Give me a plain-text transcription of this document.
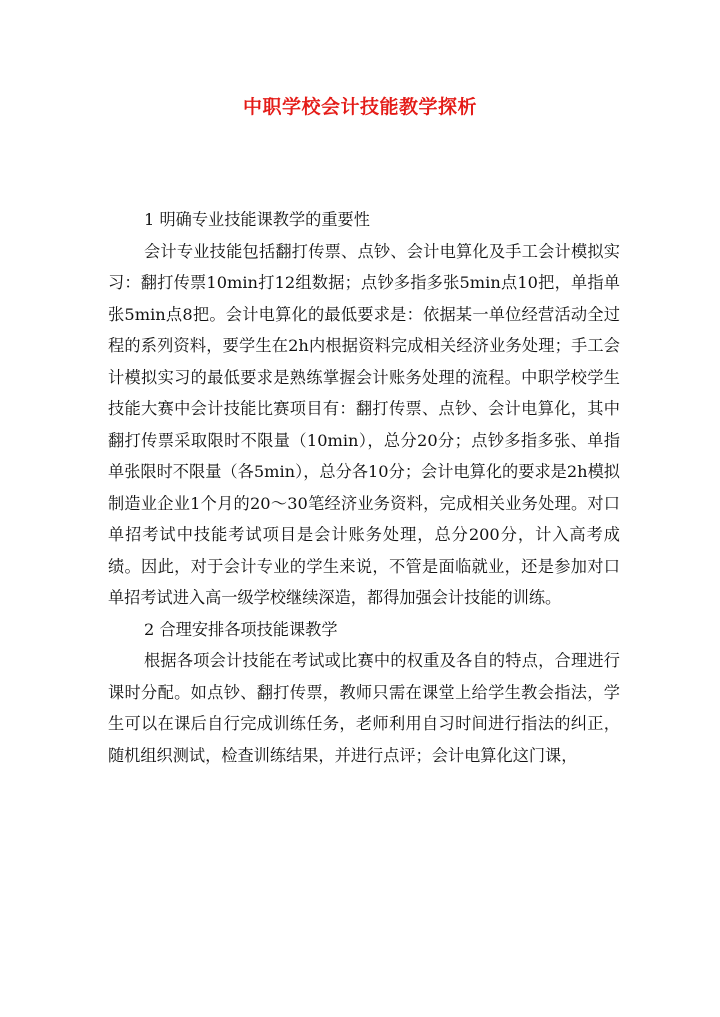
中职学校会计技能教学探析

1 明确专业技能课教学的重要性

会计专业技能包括翻打传票、点钞、会计电算化及手工会计模拟实习：翻打传票10min打12组数据；点钞多指多张5min点10把，单指单张5min点8把。会计电算化的最低要求是：依据某一单位经营活动全过程的系列资料，要学生在2h内根据资料完成相关经济业务处理；手工会计模拟实习的最低要求是熟练掌握会计账务处理的流程。中职学校学生技能大赛中会计技能比赛项目有：翻打传票、点钞、会计电算化，其中翻打传票采取限时不限量（10min），总分20分；点钞多指多张、单指单张限时不限量（各5min），总分各10分；会计电算化的要求是2h模拟制造业企业1个月的20～30笔经济业务资料，完成相关业务处理。对口单招考试中技能考试项目是会计账务处理，总分200分，计入高考成绩。因此，对于会计专业的学生来说，不管是面临就业，还是参加对口单招考试进入高一级学校继续深造，都得加强会计技能的训练。

2 合理安排各项技能课教学

根据各项会计技能在考试或比赛中的权重及各自的特点，合理进行课时分配。如点钞、翻打传票，教师只需在课堂上给学生教会指法，学生可以在课后自行完成训练任务，老师利用自习时间进行指法的纠正，随机组织测试，检查训练结果，并进行点评；会计电算化这门课，
